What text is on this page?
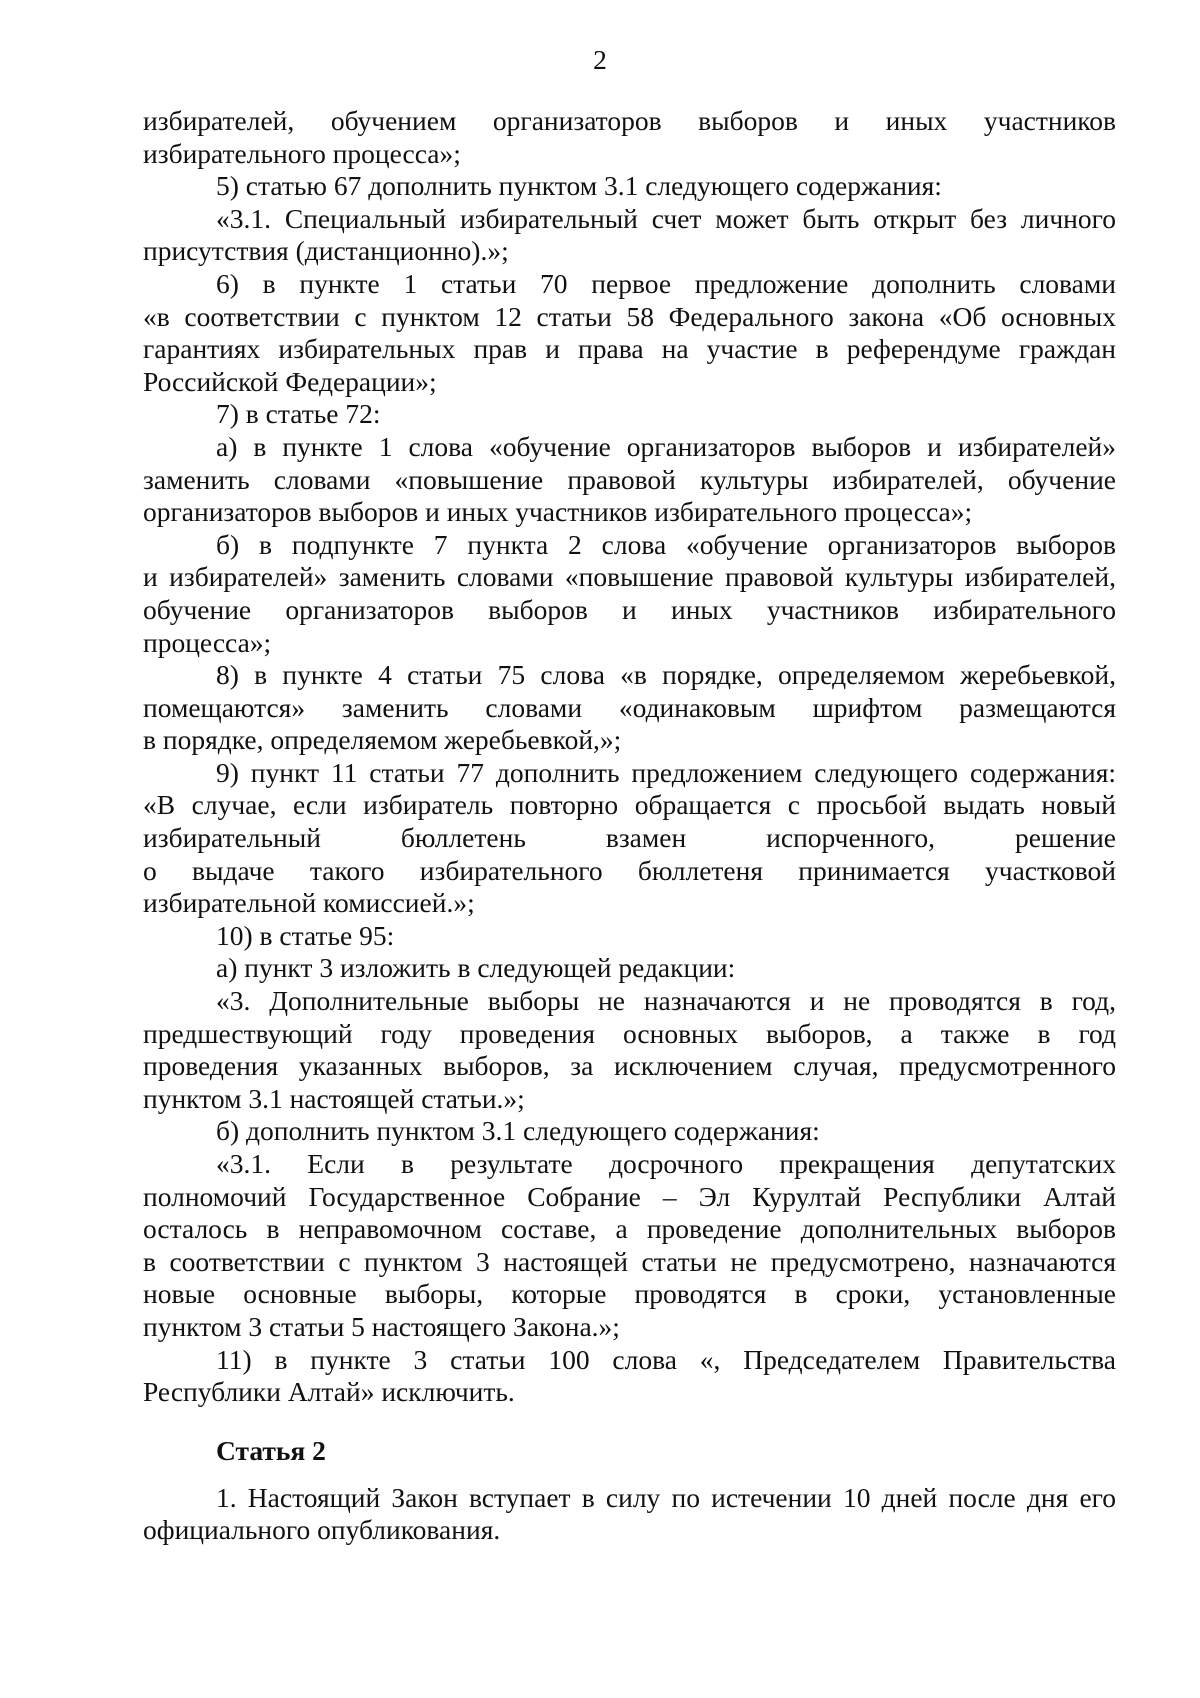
2
избирателей, обучением организаторов выборов и иных участников
избирательного процесса»;
5) статью 67 дополнить пунктом 3.1 следующего содержания:
«3.1. Специальный избирательный счет может быть открыт без личного
присутствия (дистанционно).»;
6) в пункте 1 статьи 70 первое предложение дополнить словами
«в соответствии с пунктом 12 статьи 58 Федерального закона «Об основных
гарантиях избирательных прав и права на участие в референдуме граждан
Российской Федерации»;
7) в статье 72:
а) в пункте 1 слова «обучение организаторов выборов и избирателей»
заменить словами «повышение правовой культуры избирателей, обучение
организаторов выборов и иных участников избирательного процесса»;
б) в подпункте 7 пункта 2 слова «обучение организаторов выборов
и избирателей» заменить словами «повышение правовой культуры избирателей,
обучение организаторов выборов и иных участников избирательного
процесса»;
8) в пункте 4 статьи 75 слова «в порядке, определяемом жеребьевкой,
помещаются» заменить словами «одинаковым шрифтом размещаются
в порядке, определяемом жеребьевкой,»;
9) пункт 11 статьи 77 дополнить предложением следующего содержания:
«В случае, если избиратель повторно обращается с просьбой выдать новый
избирательный бюллетень взамен испорченного, решение
о выдаче такого избирательного бюллетеня принимается участковой
избирательной комиссией.»;
10) в статье 95:
а) пункт 3 изложить в следующей редакции:
«3. Дополнительные выборы не назначаются и не проводятся в год,
предшествующий году проведения основных выборов, а также в год
проведения указанных выборов, за исключением случая, предусмотренного
пунктом 3.1 настоящей статьи.»;
б) дополнить пунктом 3.1 следующего содержания:
«3.1. Если в результате досрочного прекращения депутатских
полномочий Государственное Собрание – Эл Курултай Республики Алтай
осталось в неправомочном составе, а проведение дополнительных выборов
в соответствии с пунктом 3 настоящей статьи не предусмотрено, назначаются
новые основные выборы, которые проводятся в сроки, установленные
пунктом 3 статьи 5 настоящего Закона.»;
11) в пункте 3 статьи 100 слова «, Председателем Правительства
Республики Алтай» исключить.
Статья 2
1. Настоящий Закон вступает в силу по истечении 10 дней после дня его
официального опубликования.
